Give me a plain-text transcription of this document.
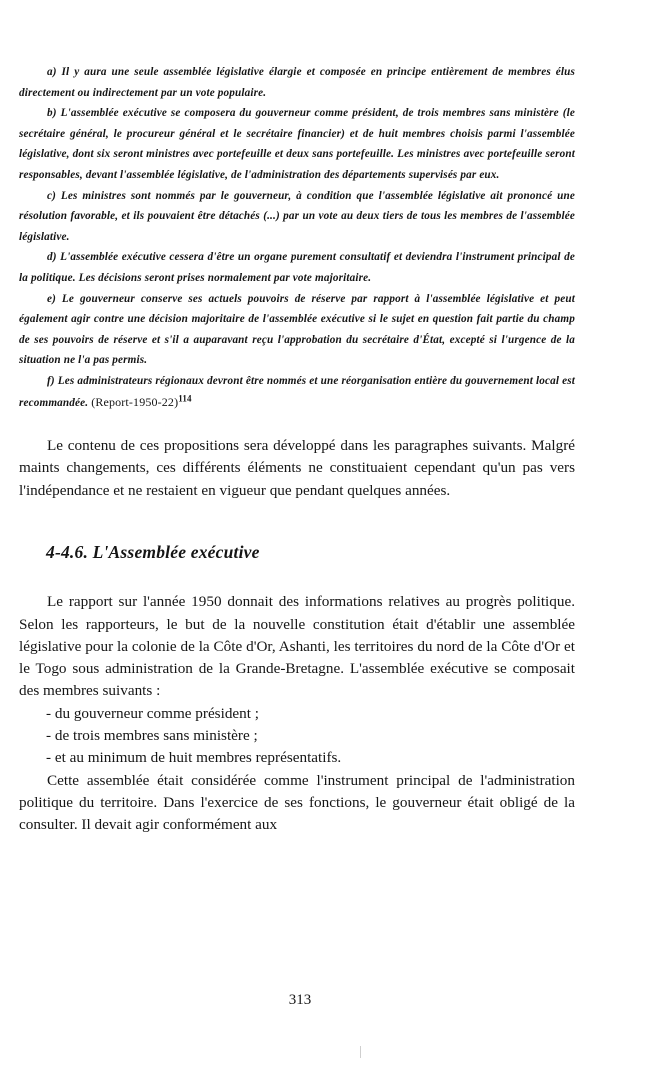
a) Il y aura une seule assemblée législative élargie et composée en principe entièrement de membres élus directement ou indirectement par un vote populaire.

b) L'assemblée exécutive se composera du gouverneur comme président, de trois membres sans ministère (le secrétaire général, le procureur général et le secrétaire financier) et de huit membres choisis parmi l'assemblée législative, dont six seront ministres avec portefeuille et deux sans portefeuille. Les ministres avec portefeuille seront responsables, devant l'assemblée législative, de l'administration des départements supervisés par eux.

c) Les ministres sont nommés par le gouverneur, à condition que l'assemblée législative ait prononcé une résolution favorable, et ils pouvaient être détachés (...) par un vote au deux tiers de tous les membres de l'assemblée législative.

d) L'assemblée exécutive cessera d'être un organe purement consultatif et deviendra l'instrument principal de la politique. Les décisions seront prises normalement par vote majoritaire.

e) Le gouverneur conserve ses actuels pouvoirs de réserve par rapport à l'assemblée législative et peut également agir contre une décision majoritaire de l'assemblée exécutive si le sujet en question fait partie du champ de ses pouvoirs de réserve et s'il a auparavant reçu l'approbation du secrétaire d'État, excepté si l'urgence de la situation ne l'a pas permis.

f) Les administrateurs régionaux devront être nommés et une réorganisation entière du gouvernement local est recommandée. (Report-1950-22)$^{114}$

Le contenu de ces propositions sera développé dans les paragraphes suivants. Malgré maints changements, ces différents éléments ne constituaient cependant qu'un pas vers l'indépendance et ne restaient en vigueur que pendant quelques années.

4-4.6. L'Assemblée exécutive

Le rapport sur l'année 1950 donnait des informations relatives au progrès politique. Selon les rapporteurs, le but de la nouvelle constitution était d'établir une assemblée législative pour la colonie de la Côte d'Or, Ashanti, les territoires du nord de la Côte d'Or et le Togo sous administration de la Grande-Bretagne. L'assemblée exécutive se composait des membres suivants :

- du gouverneur comme président ;
- de trois membres sans ministère ;
- et au minimum de huit membres représentatifs.

Cette assemblée était considérée comme l'instrument principal de l'administration politique du territoire. Dans l'exercice de ses fonctions, le gouverneur était obligé de la consulter. Il devait agir conformément aux

313
